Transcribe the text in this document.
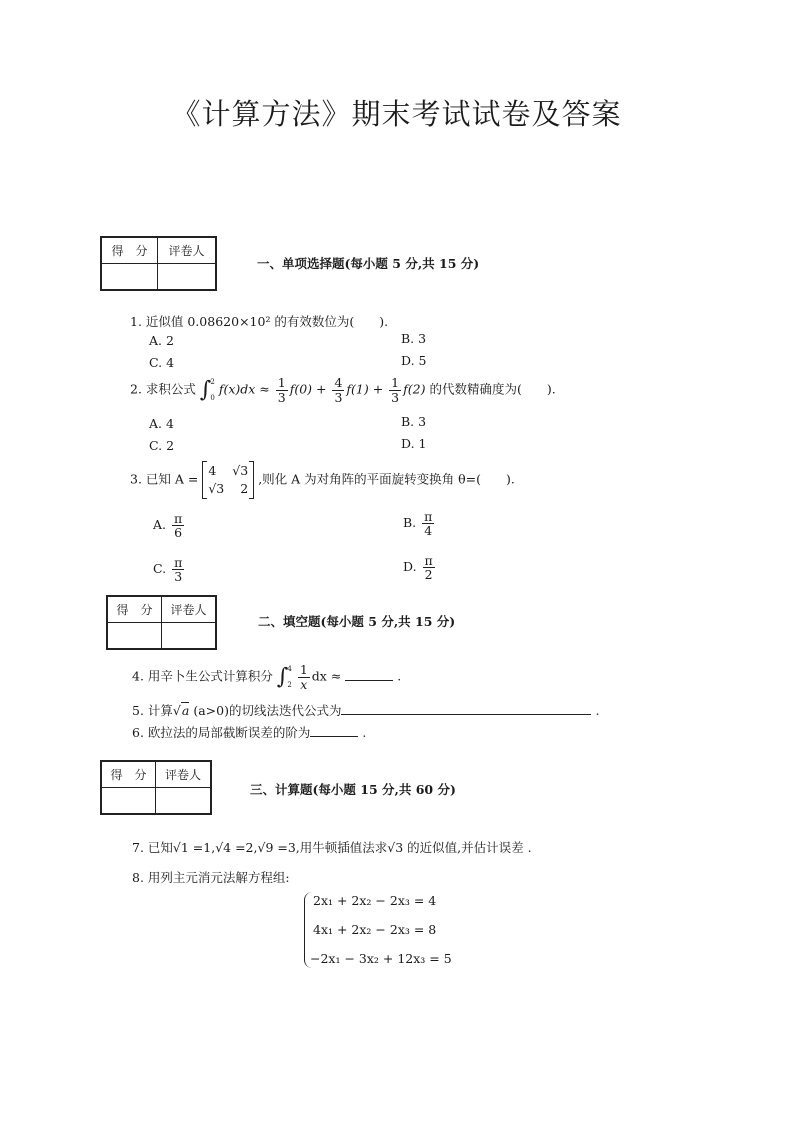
《计算方法》期末考试试卷及答案
得　分	评卷人

一、单项选择题(每小题 5 分,共 15 分)
1. 近似值 0.08620×10² 的有效数位为(　　).
A. 2	B. 3
C. 4	D. 5
2. 求积公式 ∫ 2
0
$f(x)dx \approx \frac{1}{3} f(0) + \frac{4}{3} f(1) + \frac{1}{3} f(2)$ 的代数精确度为(　　).
A. 4	B. 3
C. 2	D. 1
3. 已知 A =
4 √3
√3 2
,则化 A 为对角阵的平面旋转变换角 θ=(　　).
A. $\frac{\pi}{6}$	B. $\frac{\pi}{4}$
C. $\frac{\pi}{3}$	D. $\frac{\pi}{2}$
得　分	评卷人

二、填空题(每小题 5 分,共 15 分)
4. 用辛卜生公式计算积分 ∫ 4
2
$\frac{1}{x}$ dx ≈	.
5. 计算√a (a>0)的切线法迭代公式为	.
6. 欧拉法的局部截断误差的阶为	.
得　分	评卷人

三、计算题(每小题 15 分,共 60 分)
7. 已知√1 =1,√4 =2,√9 =3,用牛顿插值法求√3 的近似值,并估计误差 .
8. 用列主元消元法解方程组:
2x₁ + 2x₂ − 2x₃ = 4
4x₁ + 2x₂ − 2x₃ = 8
−2x₁ − 3x₂ + 12x₃ = 5
